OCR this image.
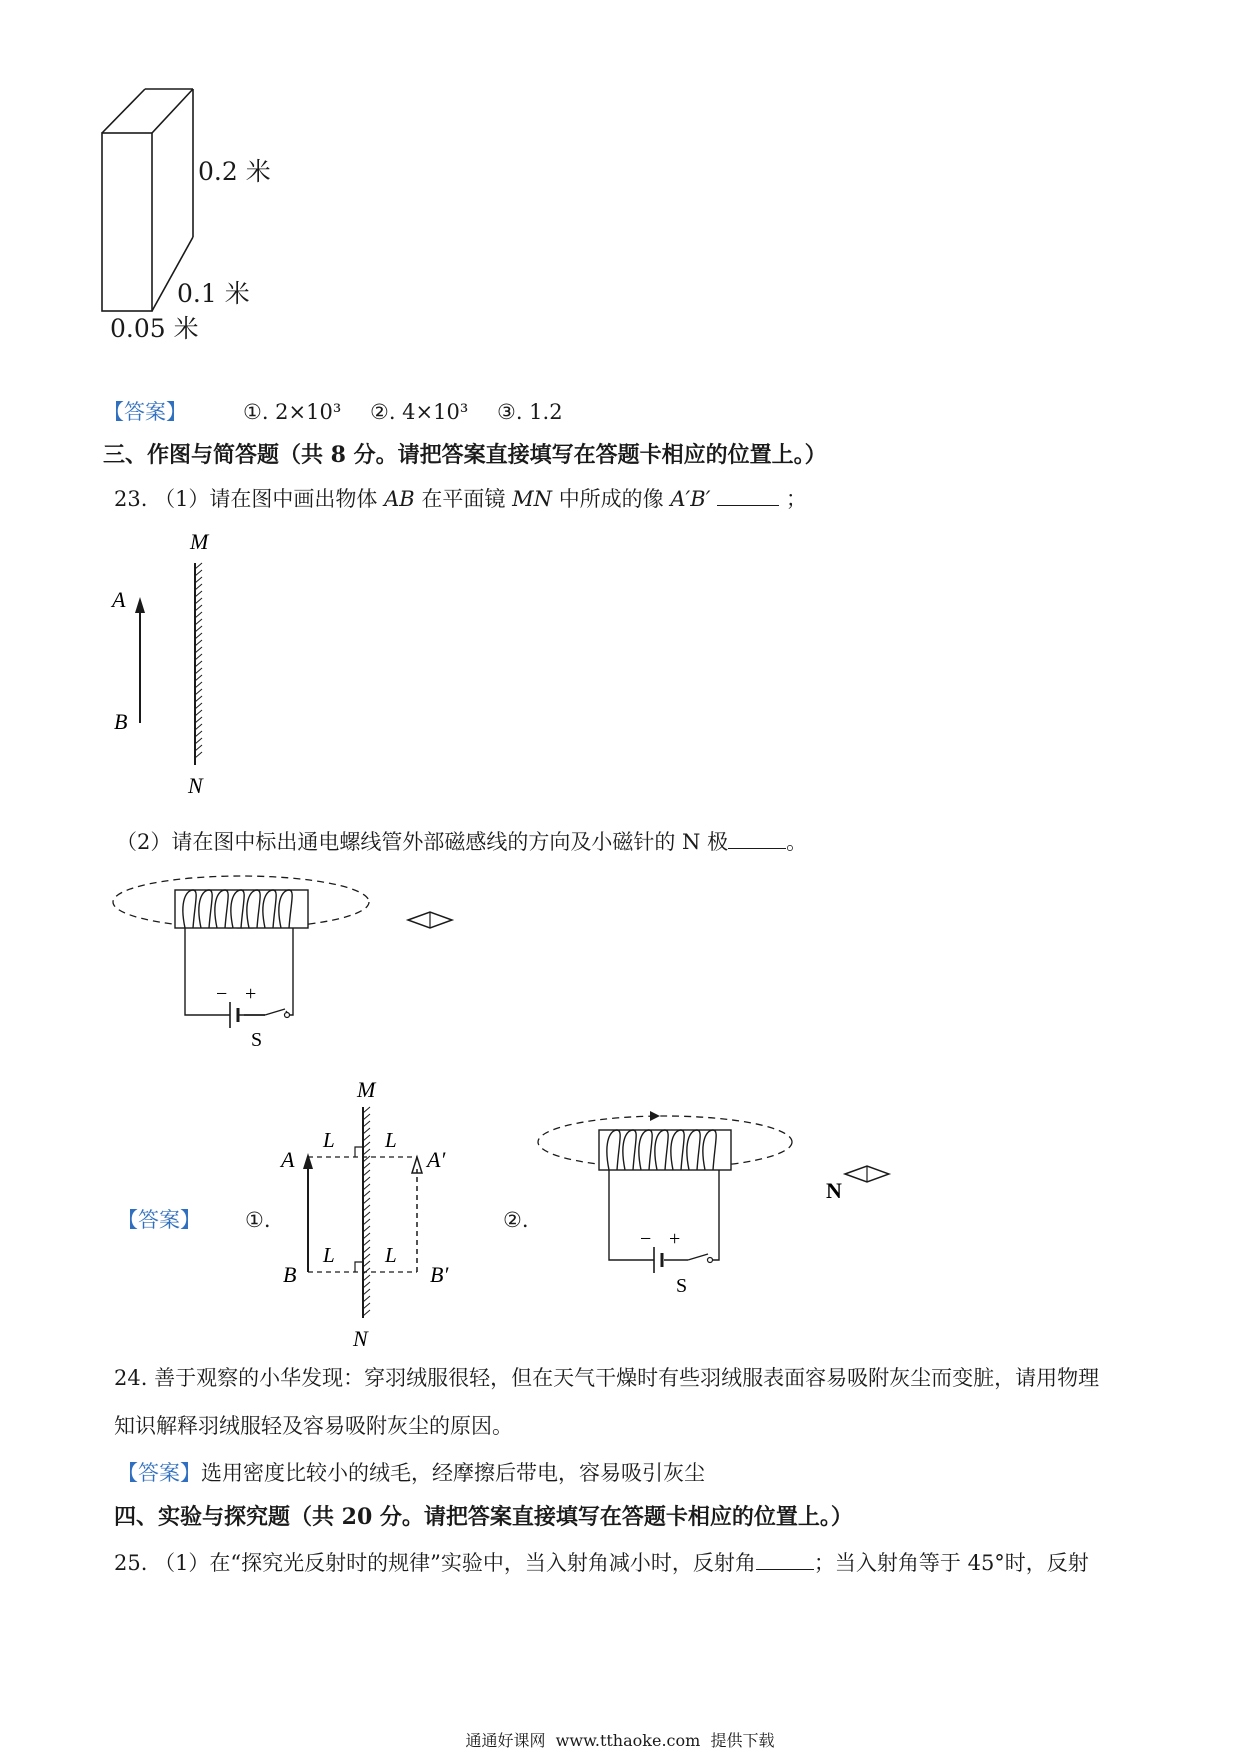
0.2 米
0.1 米
0.05 米
【答案】	①. 2×10³ ②. 4×10³ ③. 1.2
三、作图与简答题（共 8 分。请把答案直接填写在答题卡相应的位置上。）
23. （1）请在图中画出物体 AB 在平面镜 MN 中所成的像 A′B′	；
M
N
A
B
（2）请在图中标出通电螺线管外部磁感线的方向及小磁针的 N 极	。
− +
S
【答案】 ①.	②.
M
N
A
B
A′
B′
L L
L L
− +
S
N
24. 善于观察的小华发现：穿羽绒服很轻，但在天气干燥时有些羽绒服表面容易吸附灰尘而变脏，请用物理
知识解释羽绒服轻及容易吸附灰尘的原因。
【答案】选用密度比较小的绒毛，经摩擦后带电，容易吸引灰尘
四、实验与探究题（共 20 分。请把答案直接填写在答题卡相应的位置上。）
25. （1）在“探究光反射时的规律”实验中，当入射角减小时，反射角	；当入射角等于 45°时，反射
通通好课网  www.tthaoke.com  提供下载
